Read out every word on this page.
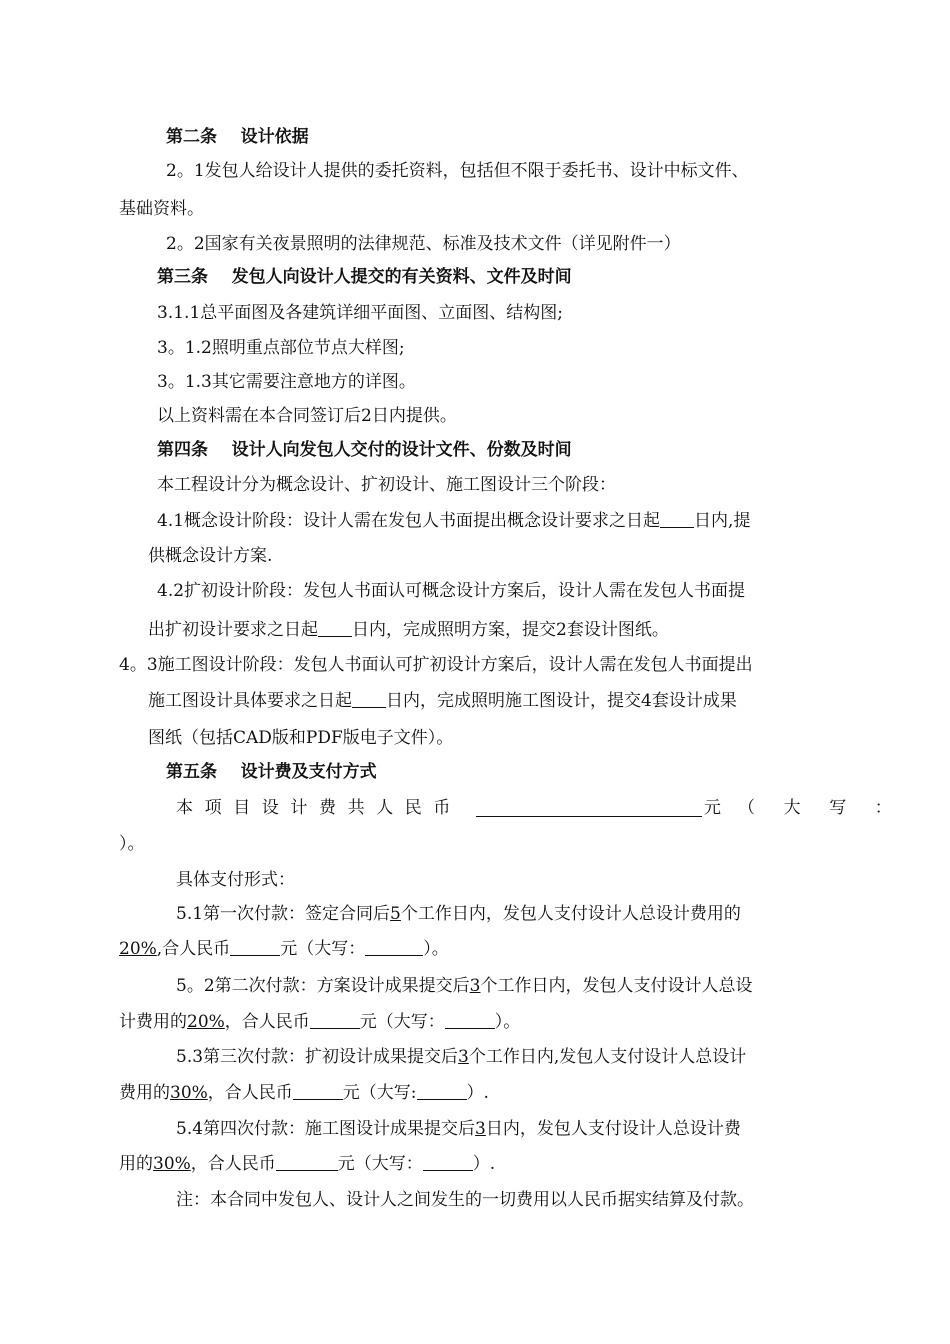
第二条    设计依据
2。1发包人给设计人提供的委托资料，包括但不限于委托书、设计中标文件、
基础资料。
2。2国家有关夜景照明的法律规范、标准及技术文件（详见附件一）
第三条    发包人向设计人提交的有关资料、文件及时间
3.1.1总平面图及各建筑详细平面图、立面图、结构图;
3。1.2照明重点部位节点大样图;
3。1.3其它需要注意地方的详图。
以上资料需在本合同签订后2日内提供。
第四条    设计人向发包人交付的设计文件、份数及时间
本工程设计分为概念设计、扩初设计、施工图设计三个阶段：
4.1概念设计阶段：设计人需在发包人书面提出概念设计要求之日起 日内,提
供概念设计方案.
4.2扩初设计阶段：发包人书面认可概念设计方案后，设计人需在发包人书面提
出扩初设计要求之日起 日内，完成照明方案，提交2套设计图纸。
4。3施工图设计阶段：发包人书面认可扩初设计方案后，设计人需在发包人书面提出
施工图设计具体要求之日起 日内，完成照明施工图设计，提交4套设计成果
图纸（包括CAD版和PDF版电子文件）。
第五条    设计费及支付方式
本项目设计费共人民币	元 （ 大 写 ：
）。
具体支付形式：
5.1第一次付款：签定合同后5个工作日内，发包人支付设计人总设计费用的
20%,合人民币	元（大写：	）。
5。2第二次付款：方案设计成果提交后3个工作日内，发包人支付设计人总设
计费用的20%，合人民币	元（大写：	）。
5.3第三次付款：扩初设计成果提交后3个工作日内,发包人支付设计人总设计
费用的30%，合人民币	元（大写:	）.
5.4第四次付款：施工图设计成果提交后3日内，发包人支付设计人总设计费
用的30%，合人民币	元（大写：	）.
注：本合同中发包人、设计人之间发生的一切费用以人民币据实结算及付款。
